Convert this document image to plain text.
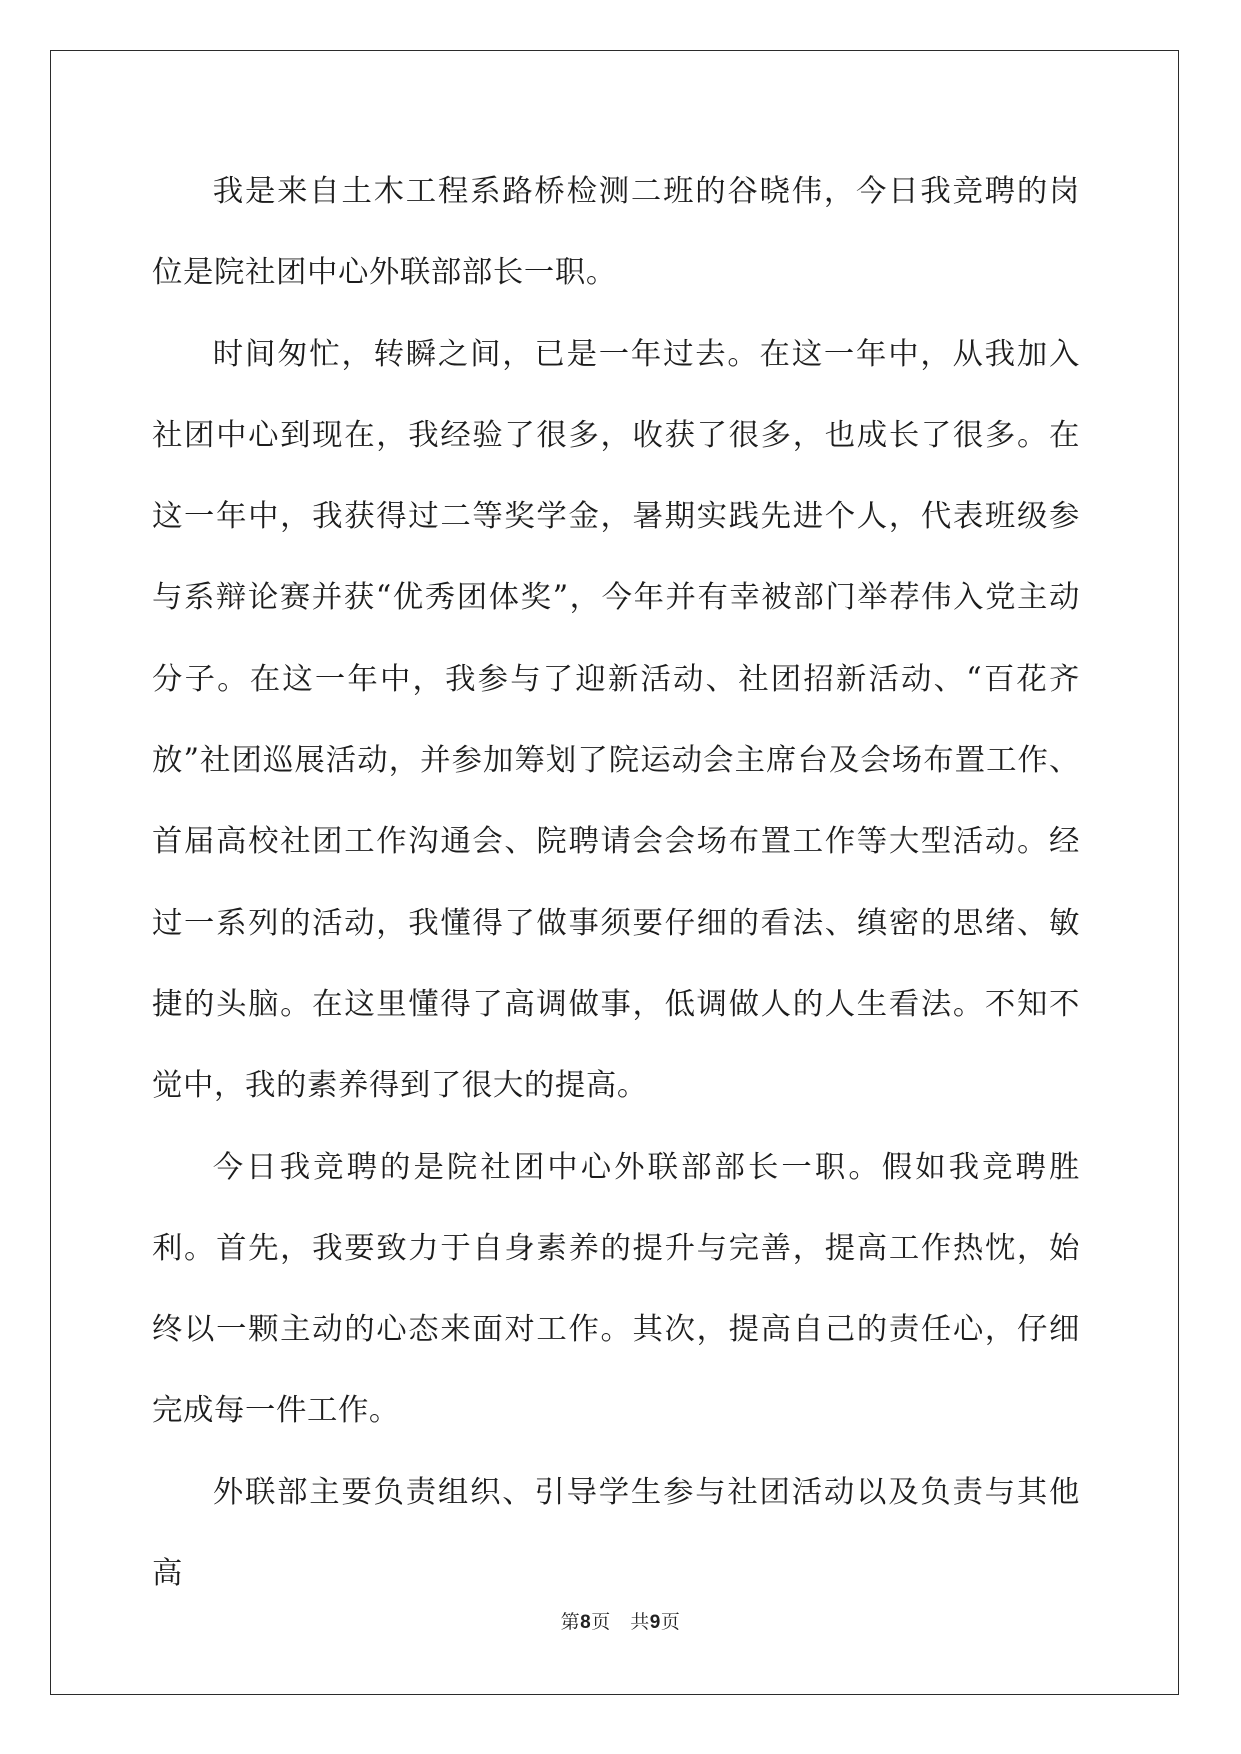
我是来自土木工程系路桥检测二班的谷晓伟，今日我竞聘的岗位是院社团中心外联部部长一职。

时间匆忙，转瞬之间，已是一年过去。在这一年中，从我加入社团中心到现在，我经验了很多，收获了很多，也成长了很多。在这一年中，我获得过二等奖学金，暑期实践先进个人，代表班级参与系辩论赛并获“优秀团体奖”，今年并有幸被部门举荐伟入党主动分子。在这一年中，我参与了迎新活动、社团招新活动、“百花齐放”社团巡展活动，并参加筹划了院运动会主席台及会场布置工作、首届高校社团工作沟通会、院聘请会会场布置工作等大型活动。经过一系列的活动，我懂得了做事须要仔细的看法、缜密的思绪、敏捷的头脑。在这里懂得了高调做事，低调做人的人生看法。不知不觉中，我的素养得到了很大的提高。

今日我竞聘的是院社团中心外联部部长一职。假如我竞聘胜利。首先，我要致力于自身素养的提升与完善，提高工作热忱，始终以一颗主动的心态来面对工作。其次，提高自己的责任心，仔细完成每一件工作。

外联部主要负责组织、引导学生参与社团活动以及负责与其他高

第8页　共9页
